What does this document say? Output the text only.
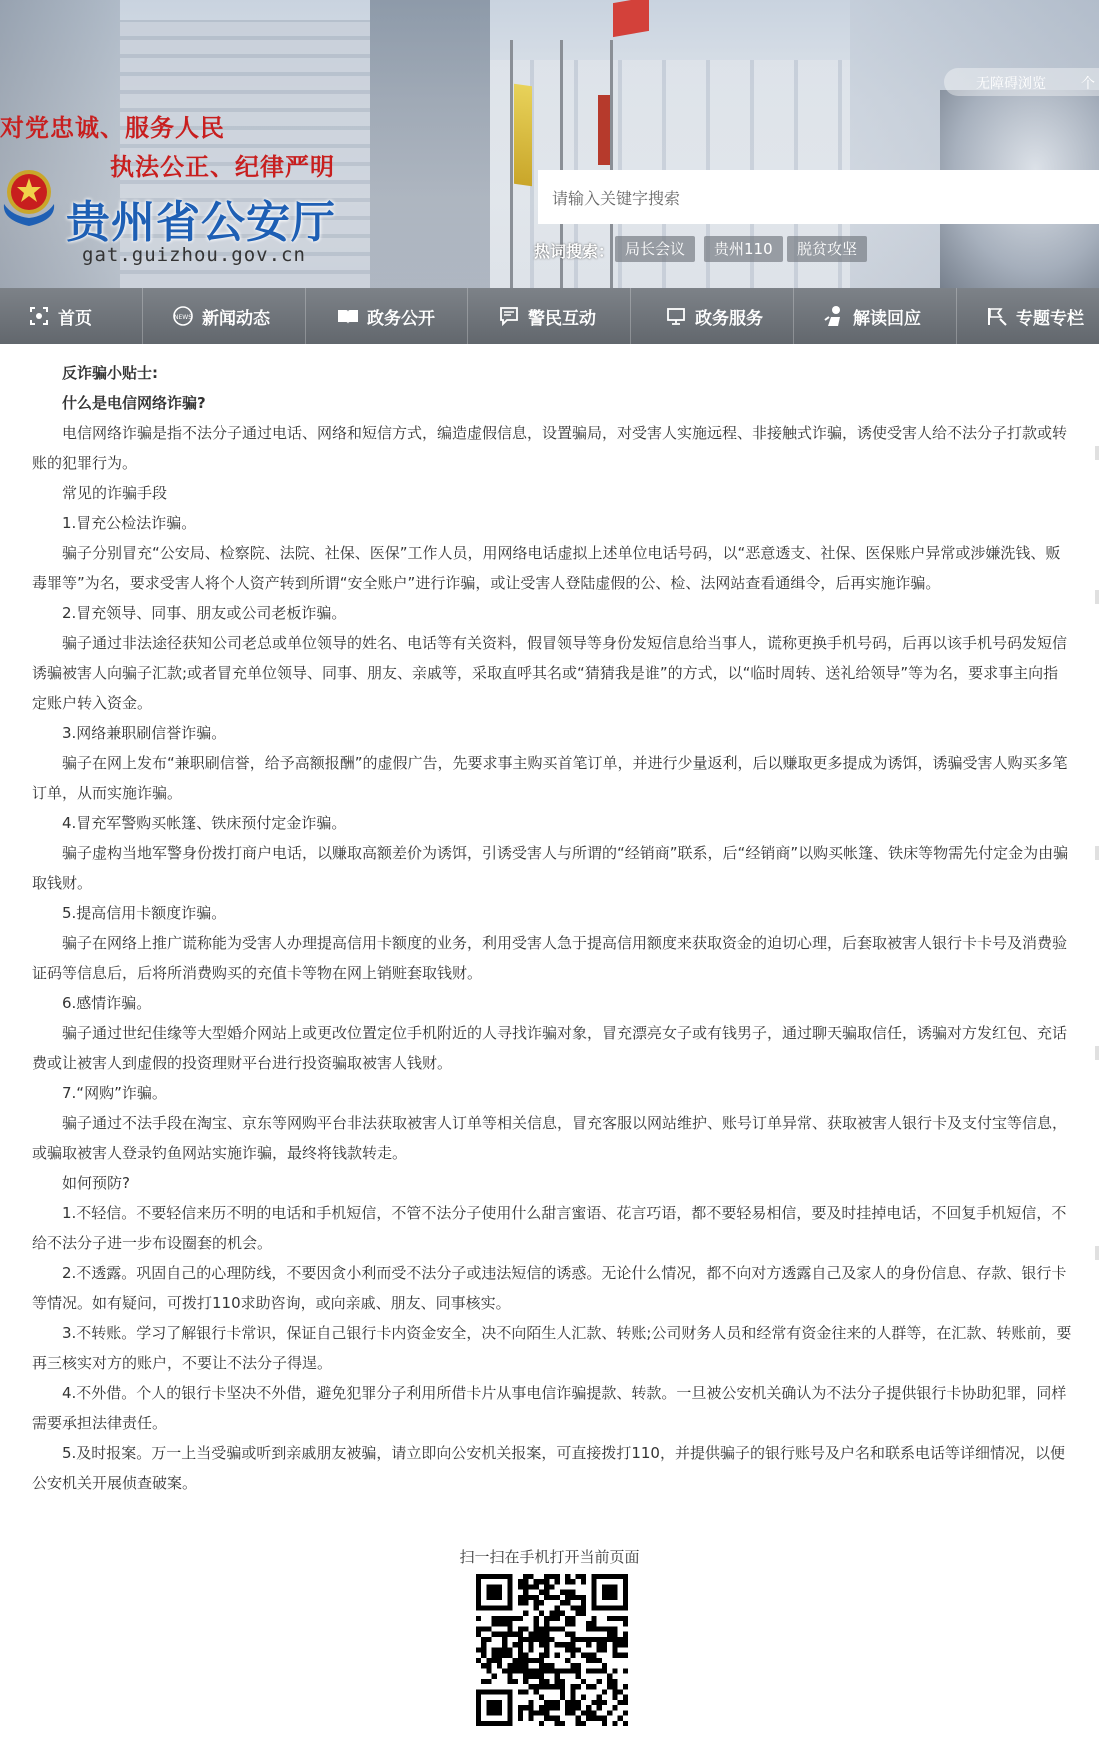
无障碍浏览	个
对党忠诚、服务人民
执法公正、纪律严明
贵州省公安厅
gat.guizhou.gov.cn
请输入关键字搜索	热词搜索： 局长会议	贵州110	脱贫攻坚
首页	NEWS 新闻动态	政务公开	警民互动	政务服务	解读回应	专题专栏

反诈骗小贴士:

什么是电信网络诈骗?

电信网络诈骗是指不法分子通过电话、网络和短信方式，编造虚假信息，设置骗局，对受害人实施远程、非接触式诈骗，诱使受害人给不法分子打款或转账的犯罪行为。

常见的诈骗手段

1.冒充公检法诈骗。

骗子分别冒充“公安局、检察院、法院、社保、医保”工作人员，用网络电话虚拟上述单位电话号码，以“恶意透支、社保、医保账户异常或涉嫌洗钱、贩毒罪等”为名，要求受害人将个人资产转到所谓“安全账户”进行诈骗，或让受害人登陆虚假的公、检、法网站查看通缉令，后再实施诈骗。

2.冒充领导、同事、朋友或公司老板诈骗。

骗子通过非法途径获知公司老总或单位领导的姓名、电话等有关资料，假冒领导等身份发短信息给当事人，谎称更换手机号码，后再以该手机号码发短信诱骗被害人向骗子汇款;或者冒充单位领导、同事、朋友、亲戚等，采取直呼其名或“猜猜我是谁”的方式，以“临时周转、送礼给领导”等为名，要求事主向指定账户转入资金。

3.网络兼职刷信誉诈骗。

骗子在网上发布“兼职刷信誉，给予高额报酬”的虚假广告，先要求事主购买首笔订单，并进行少量返利，后以赚取更多提成为诱饵，诱骗受害人购买多笔订单，从而实施诈骗。

4.冒充军警购买帐篷、铁床预付定金诈骗。

骗子虚构当地军警身份拨打商户电话，以赚取高额差价为诱饵，引诱受害人与所谓的“经销商”联系，后“经销商”以购买帐篷、铁床等物需先付定金为由骗取钱财。

5.提高信用卡额度诈骗。

骗子在网络上推广谎称能为受害人办理提高信用卡额度的业务，利用受害人急于提高信用额度来获取资金的迫切心理，后套取被害人银行卡卡号及消费验证码等信息后，后将所消费购买的充值卡等物在网上销赃套取钱财。

6.感情诈骗。

骗子通过世纪佳缘等大型婚介网站上或更改位置定位手机附近的人寻找诈骗对象，冒充漂亮女子或有钱男子，通过聊天骗取信任，诱骗对方发红包、充话费或让被害人到虚假的投资理财平台进行投资骗取被害人钱财。

7.“网购”诈骗。

骗子通过不法手段在淘宝、京东等网购平台非法获取被害人订单等相关信息，冒充客服以网站维护、账号订单异常、获取被害人银行卡及支付宝等信息，或骗取被害人登录钓鱼网站实施诈骗，最终将钱款转走。

如何预防?

1.不轻信。不要轻信来历不明的电话和手机短信，不管不法分子使用什么甜言蜜语、花言巧语，都不要轻易相信，要及时挂掉电话，不回复手机短信，不给不法分子进一步布设圈套的机会。

2.不透露。巩固自己的心理防线，不要因贪小利而受不法分子或违法短信的诱惑。无论什么情况，都不向对方透露自己及家人的身份信息、存款、银行卡等情况。如有疑问，可拨打110求助咨询，或向亲戚、朋友、同事核实。

3.不转账。学习了解银行卡常识，保证自己银行卡内资金安全，决不向陌生人汇款、转账;公司财务人员和经常有资金往来的人群等，在汇款、转账前，要再三核实对方的账户，不要让不法分子得逞。

4.不外借。个人的银行卡坚决不外借，避免犯罪分子利用所借卡片从事电信诈骗提款、转款。一旦被公安机关确认为不法分子提供银行卡协助犯罪，同样需要承担法律责任。

5.及时报案。万一上当受骗或听到亲戚朋友被骗，请立即向公安机关报案，可直接拨打110，并提供骗子的银行账号及户名和联系电话等详细情况，以便公安机关开展侦查破案。

扫一扫在手机打开当前页面
